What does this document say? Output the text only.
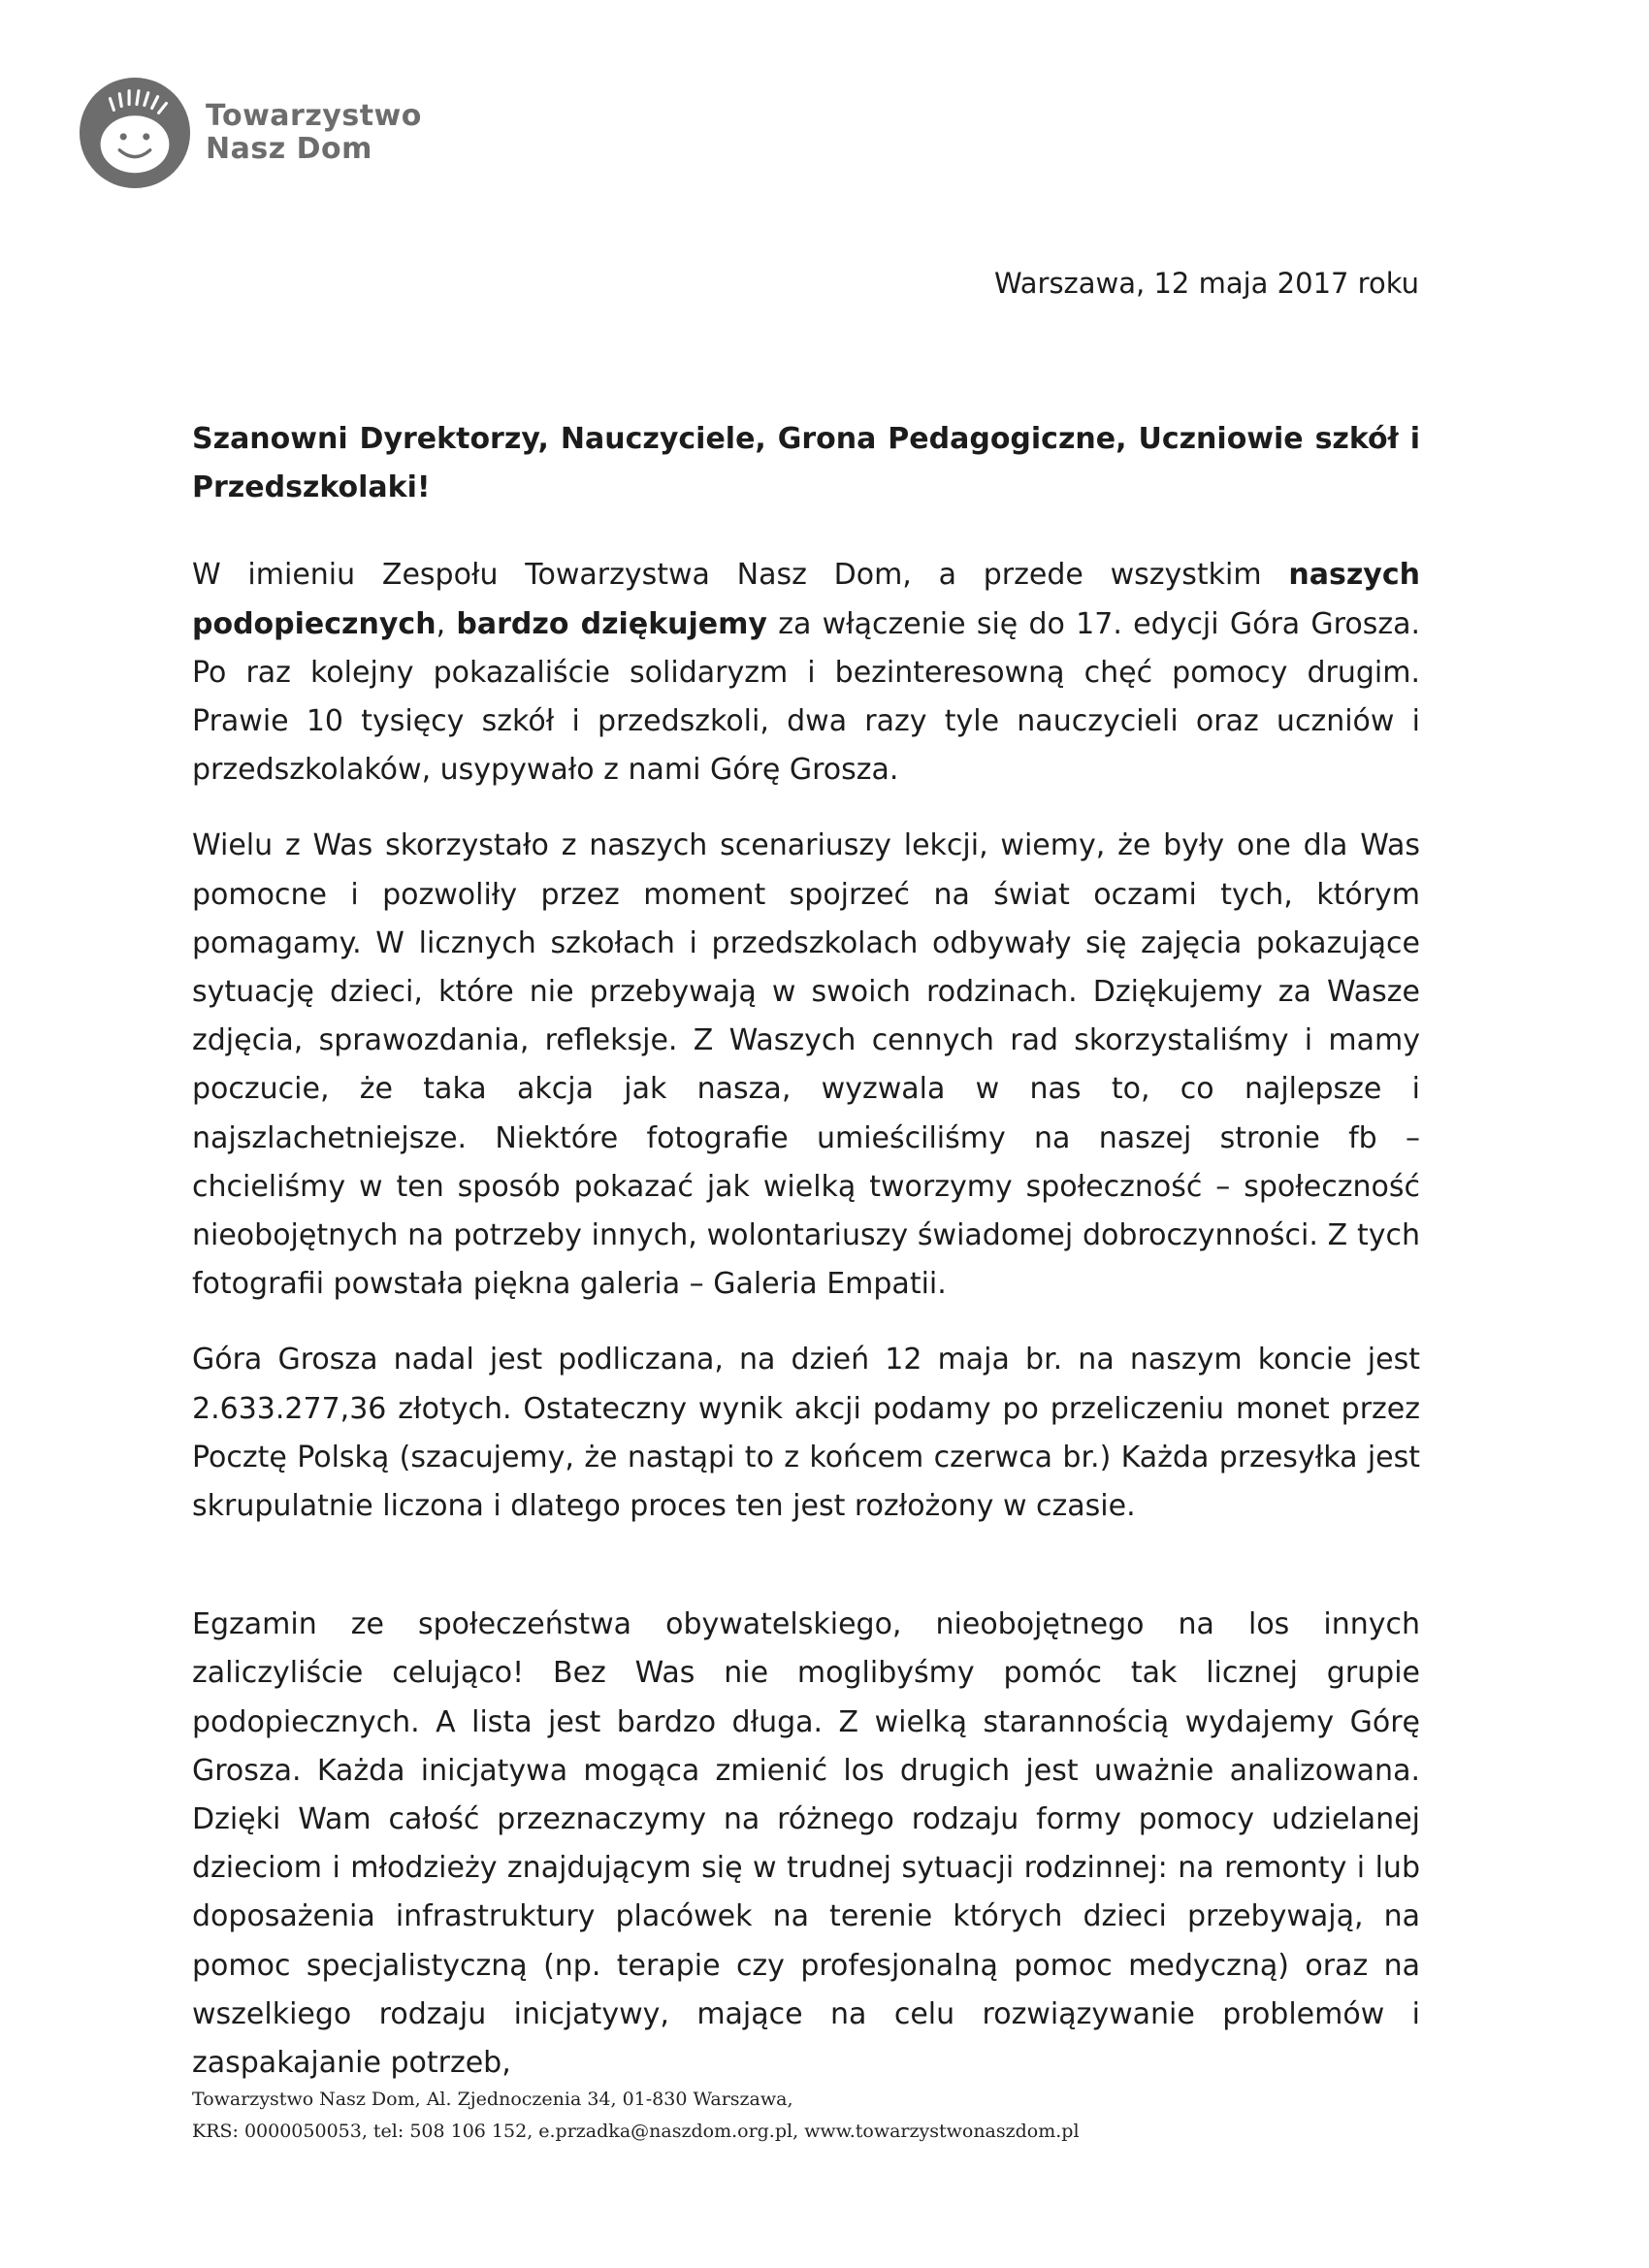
Towarzystwo
Nasz Dom
Warszawa, 12 maja 2017 roku

Szanowni Dyrektorzy, Nauczyciele, Grona Pedagogiczne, Uczniowie szkół i Przedszkolaki!

W imieniu Zespołu Towarzystwa Nasz Dom, a przede wszystkim naszych podopiecznych, bardzo dziękujemy za włączenie się do 17. edycji Góra Grosza. Po raz kolejny pokazaliście solidaryzm i bezinteresowną chęć pomocy drugim. Prawie 10 tysięcy szkół i przedszkoli, dwa razy tyle nauczycieli oraz uczniów i przedszkolaków, usypywało z nami Górę Grosza.

Wielu z Was skorzystało z naszych scenariuszy lekcji, wiemy, że były one dla Was pomocne i pozwoliły przez moment spojrzeć na świat oczami tych, którym pomagamy. W licznych szkołach i przedszkolach odbywały się zajęcia pokazujące sytuację dzieci, które nie przebywają w swoich rodzinach. Dziękujemy za Wasze zdjęcia, sprawozdania, refleksje. Z Waszych cennych rad skorzystaliśmy i mamy poczucie, że taka akcja jak nasza, wyzwala w nas to, co najlepsze i najszlachetniejsze. Niektóre fotografie umieściliśmy na naszej stronie fb – chcieliśmy w ten sposób pokazać jak wielką tworzymy społeczność – społeczność nieobojętnych na potrzeby innych, wolontariuszy świadomej dobroczynności. Z tych fotografii powstała piękna galeria – Galeria Empatii.

Góra Grosza nadal jest podliczana, na dzień 12 maja br. na naszym koncie jest 2.633.277,36 złotych. Ostateczny wynik akcji podamy po przeliczeniu monet przez Pocztę Polską (szacujemy, że nastąpi to z końcem czerwca br.) Każda przesyłka jest skrupulatnie liczona i dlatego proces ten jest rozłożony w czasie.

Egzamin ze społeczeństwa obywatelskiego, nieobojętnego na los innych zaliczyliście celująco! Bez Was nie moglibyśmy pomóc tak licznej grupie podopiecznych. A lista jest bardzo długa. Z wielką starannością wydajemy Górę Grosza. Każda inicjatywa mogąca zmienić los drugich jest uważnie analizowana. Dzięki Wam całość przeznaczymy na różnego rodzaju formy pomocy udzielanej dzieciom i młodzieży znajdującym się w trudnej sytuacji rodzinnej: na remonty i lub doposażenia infrastruktury placówek na terenie których dzieci przebywają, na pomoc specjalistyczną (np. terapie czy profesjonalną pomoc medyczną) oraz na wszelkiego rodzaju inicjatywy, mające na celu rozwiązywanie problemów i zaspakajanie potrzeb,

Towarzystwo Nasz Dom, Al. Zjednoczenia 34, 01-830 Warszawa,
KRS: 0000050053, tel: 508 106 152, e.przadka@naszdom.org.pl, www.towarzystwonaszdom.pl
